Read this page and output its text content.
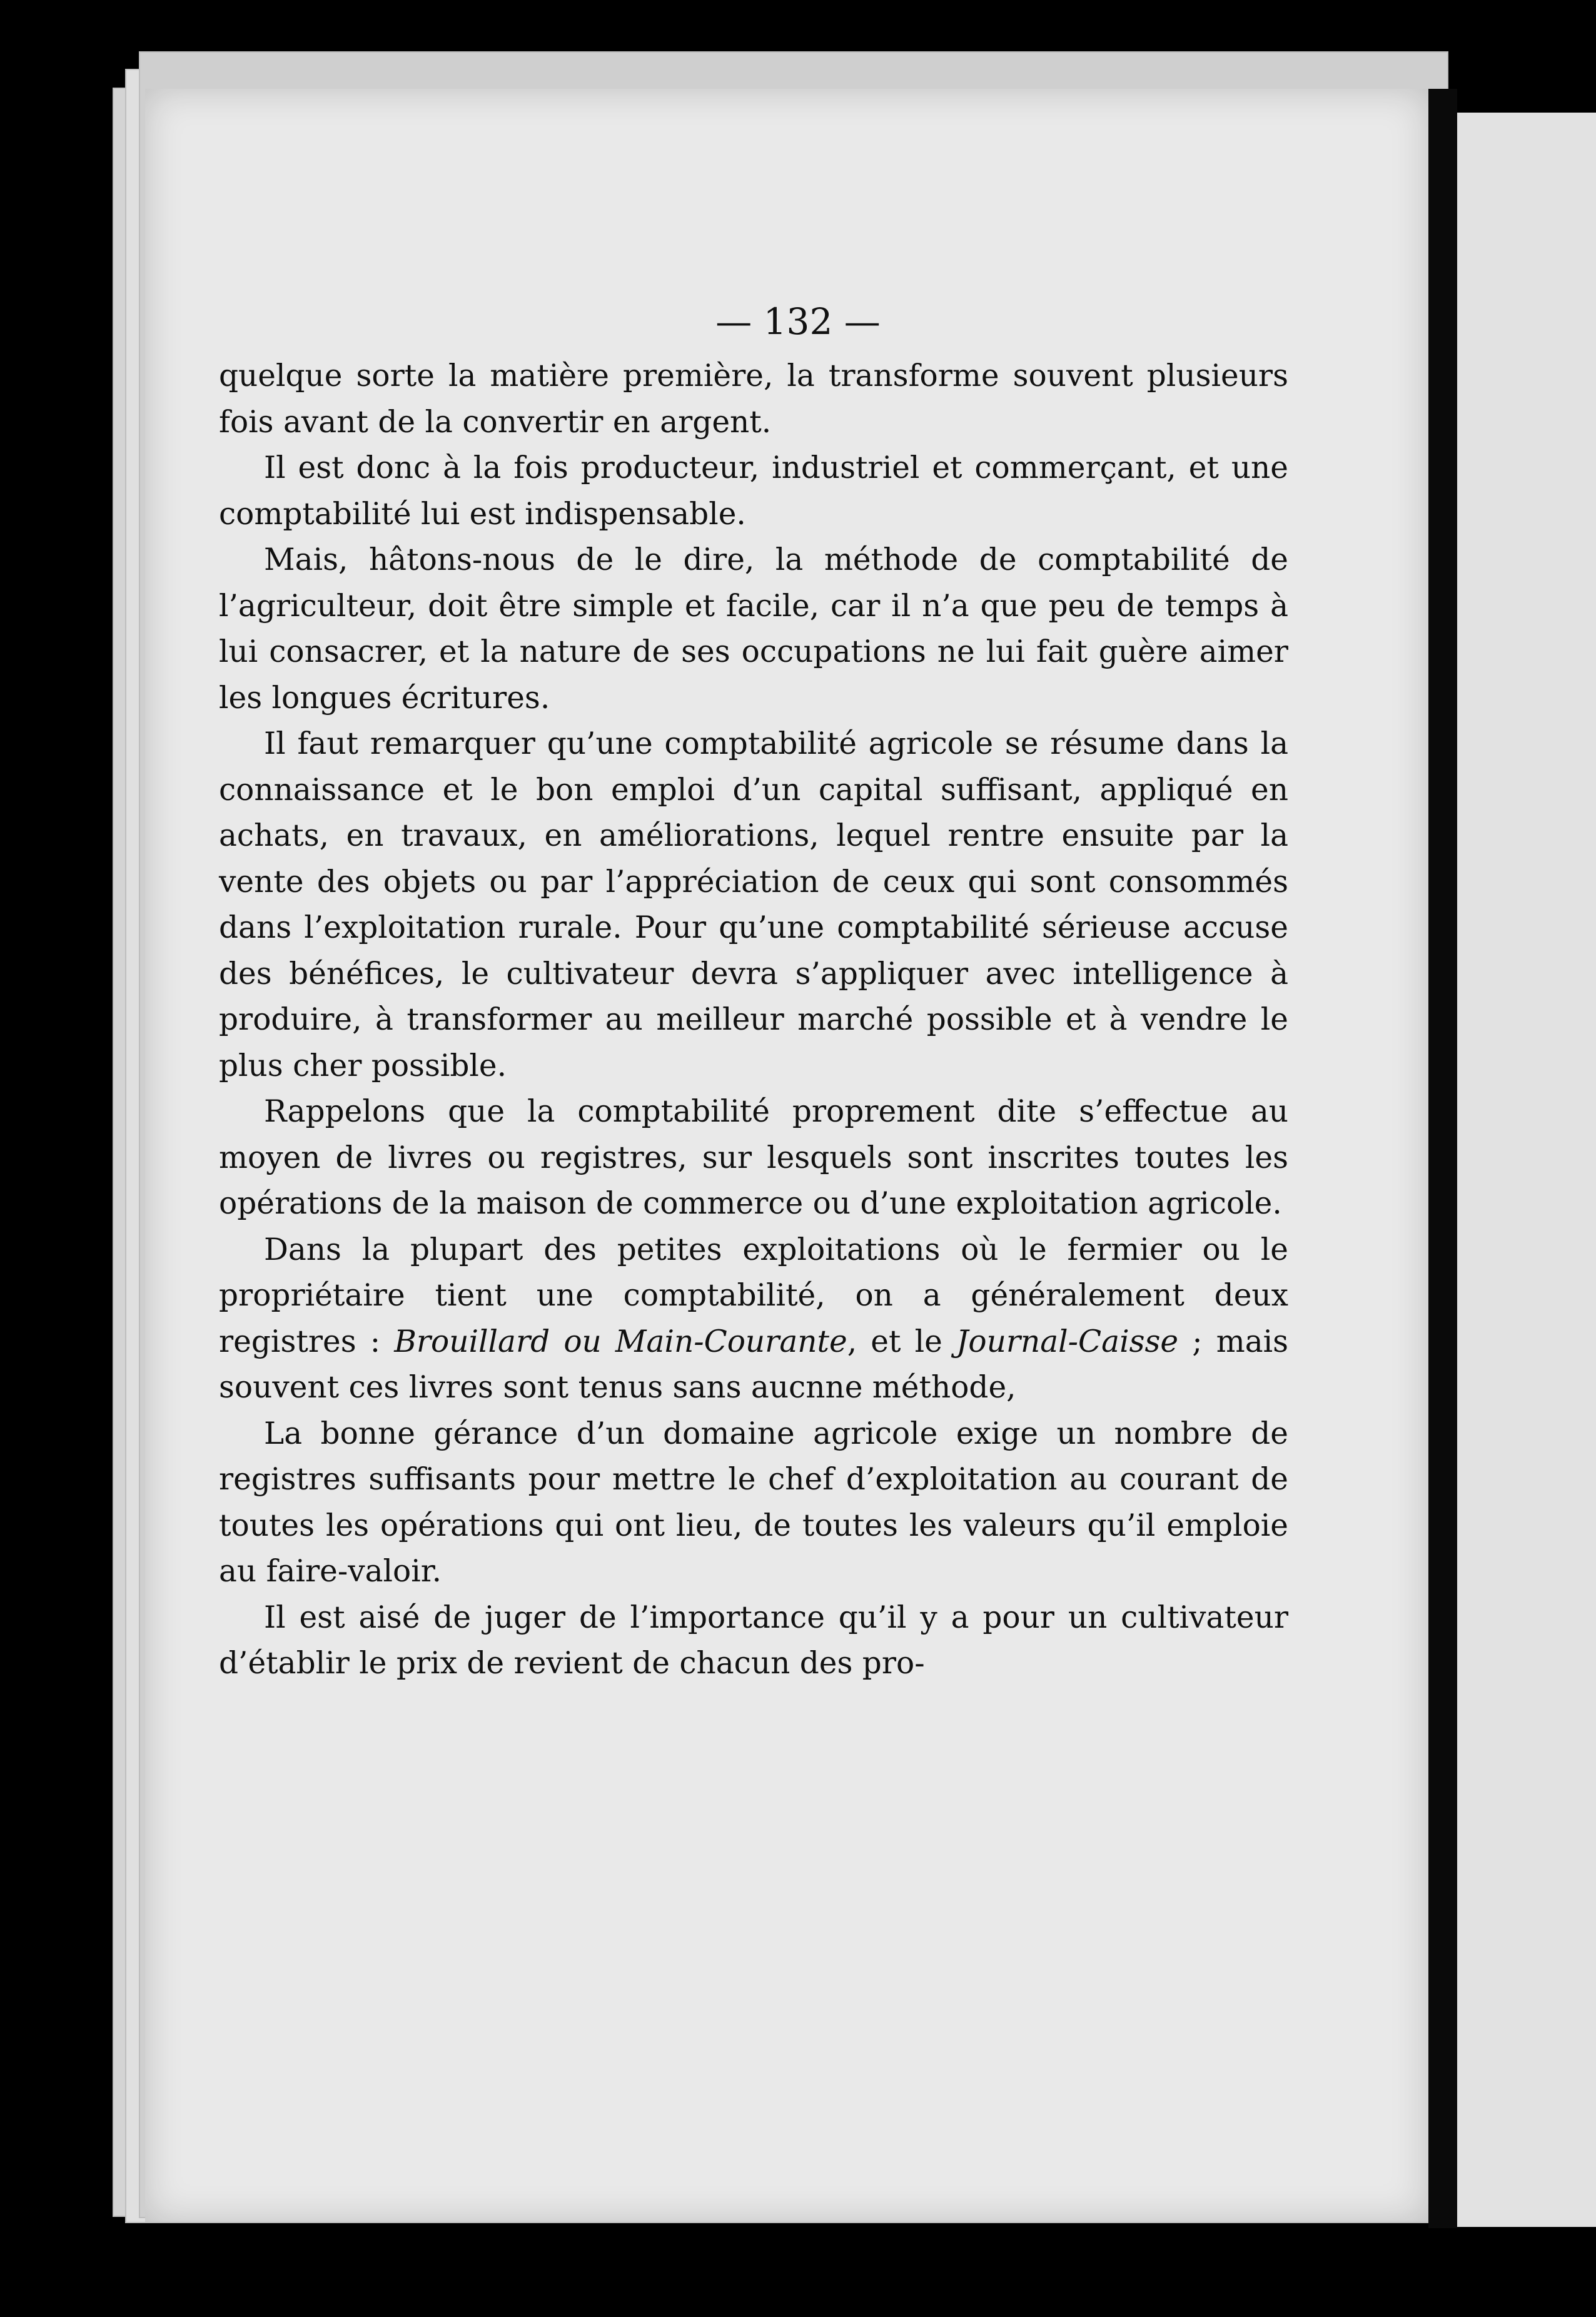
— 132 —

quelque sorte la matière première, la transforme souvent plusieurs fois avant de la convertir en argent.

Il est donc à la fois producteur, industriel et commerçant, et une comptabilité lui est indispensable.

Mais, hâtons-nous de le dire, la méthode de comptabilité de l’agriculteur, doit être simple et facile, car il n’a que peu de temps à lui consacrer, et la nature de ses occupations ne lui fait guère aimer les longues écritures.

Il faut remarquer qu’une comptabilité agricole se résume dans la connaissance et le bon emploi d’un capital suffisant, appliqué en achats, en travaux, en améliorations, lequel rentre ensuite par la vente des objets ou par l’appréciation de ceux qui sont consommés dans l’exploitation rurale. Pour qu’une comptabilité sérieuse accuse des bénéfices, le cultivateur devra s’appliquer avec intelligence à produire, à transformer au meilleur marché possible et à vendre le plus cher possible.

Rappelons que la comptabilité proprement dite s’effectue au moyen de livres ou registres, sur lesquels sont inscrites toutes les opérations de la maison de commerce ou d’une exploitation agricole.

Dans la plupart des petites exploitations où le fermier ou le propriétaire tient une comptabilité, on a généralement deux registres : Brouillard ou Main-Courante, et le Journal-Caisse ; mais souvent ces livres sont tenus sans aucnne méthode,

La bonne gérance d’un domaine agricole exige un nombre de registres suffisants pour mettre le chef d’exploitation au courant de toutes les opérations qui ont lieu, de toutes les valeurs qu’il emploie au faire-valoir.

Il est aisé de juger de l’importance qu’il y a pour un cultivateur d’établir le prix de revient de chacun des pro-
